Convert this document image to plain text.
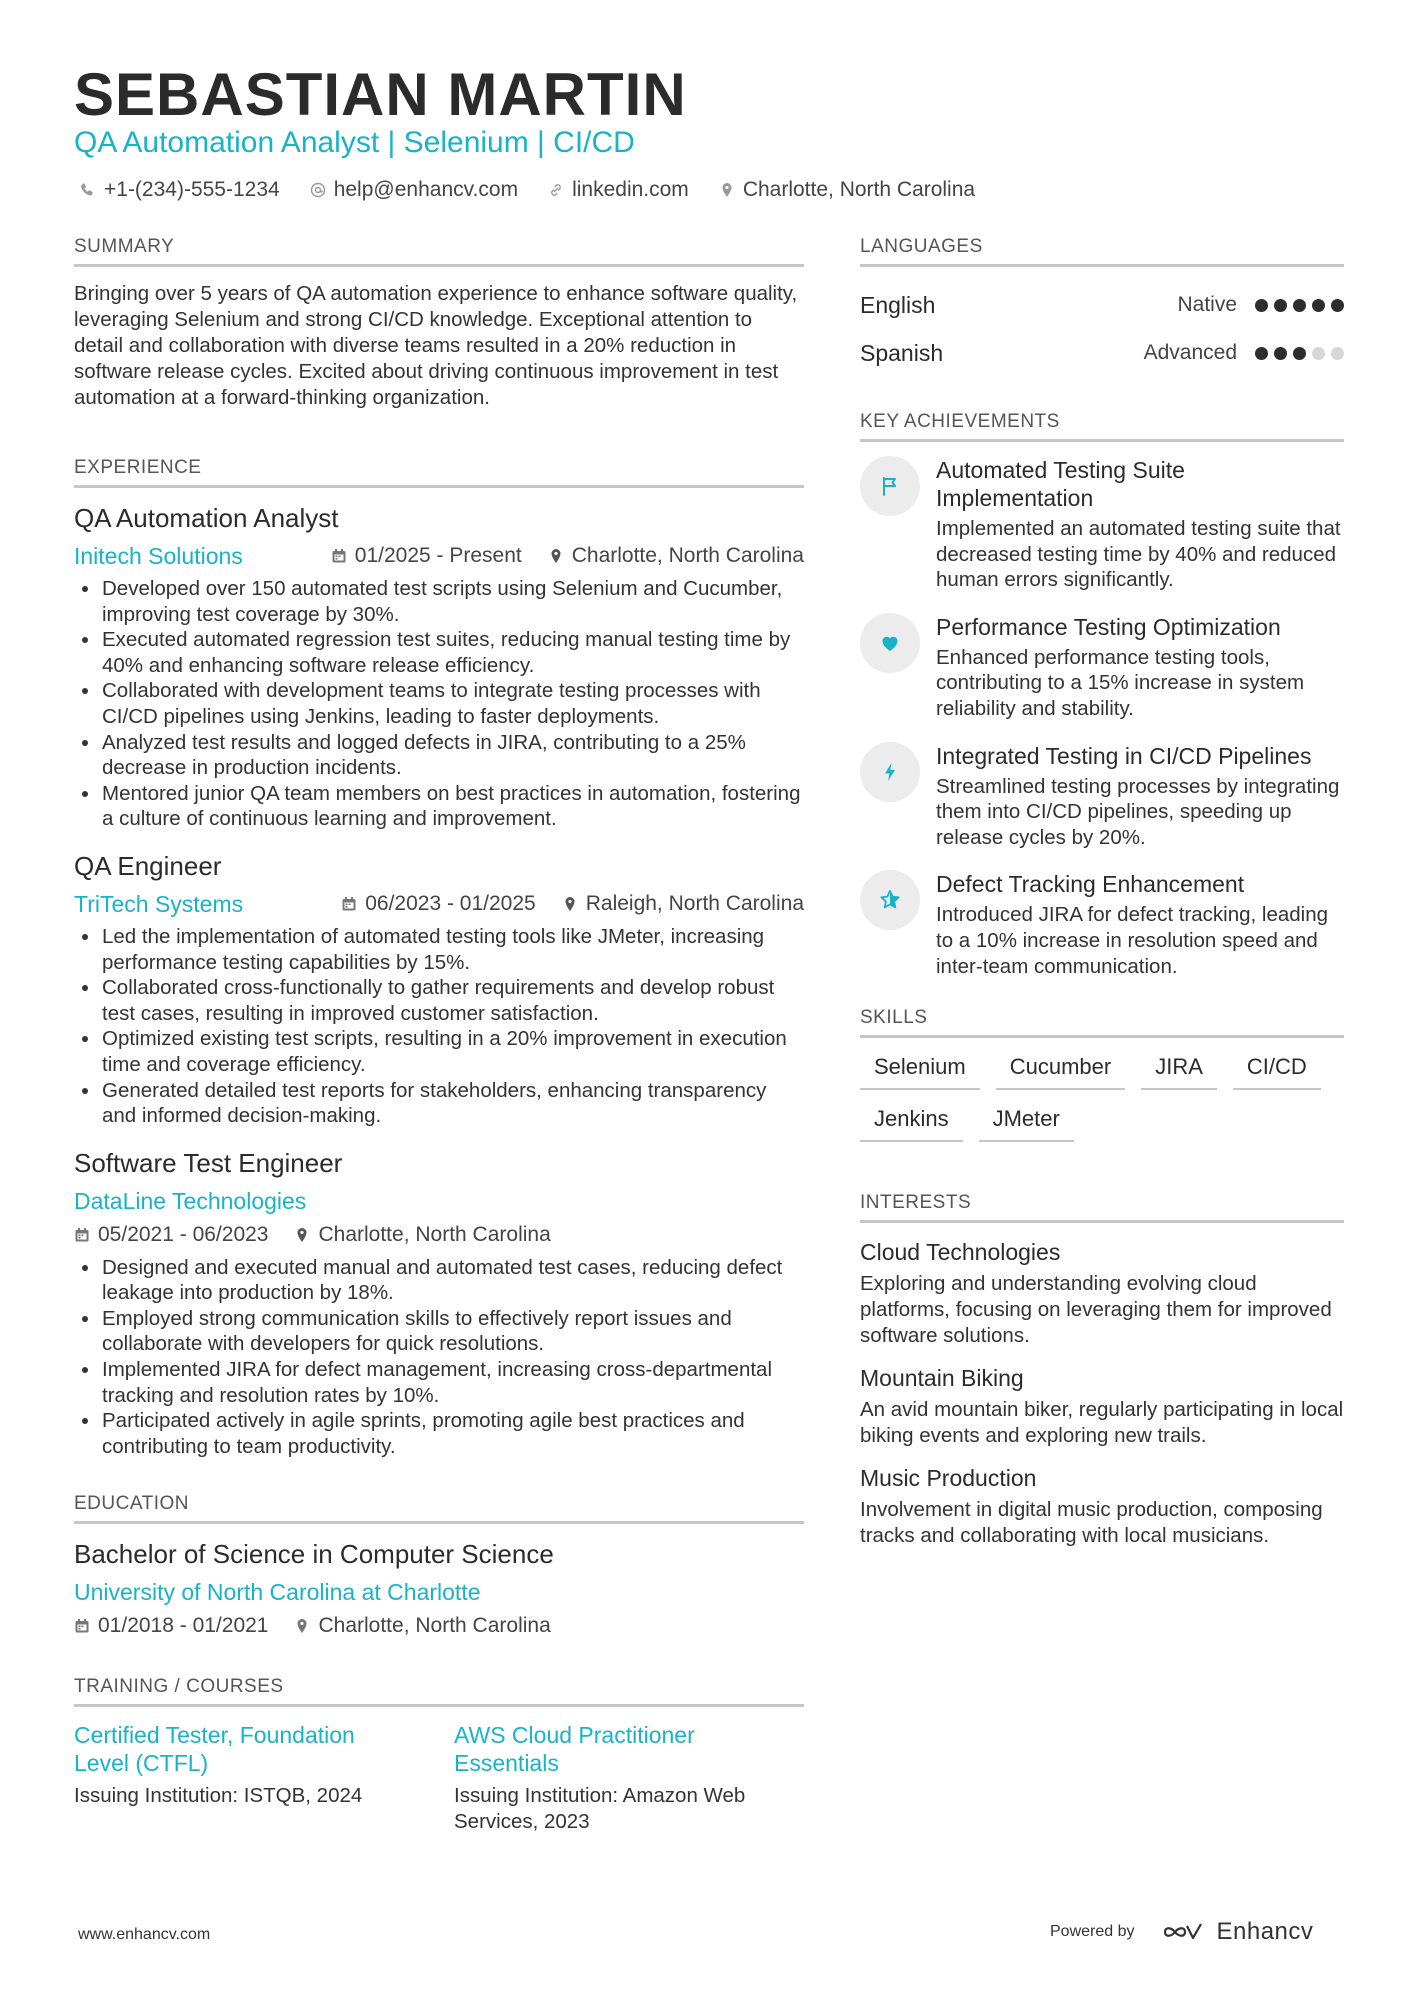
SEBASTIAN MARTIN
QA Automation Analyst | Selenium | CI/CD
+1-(234)-555-1234	help@enhancv.com	linkedin.com	Charlotte, North Carolina
SUMMARY

Bringing over 5 years of QA automation experience to enhance software quality, leveraging Selenium and strong CI/CD knowledge. Exceptional attention to detail and collaboration with diverse teams resulted in a 20% reduction in software release cycles. Excited about driving continuous improvement in test automation at a forward-thinking organization.

EXPERIENCE
QA Automation Analyst
Initech Solutions	01/2025 - Present Charlotte, North Carolina
Developed over 150 automated test scripts using Selenium and Cucumber, improving test coverage by 30%.
Executed automated regression test suites, reducing manual testing time by 40% and enhancing software release efficiency.
Collaborated with development teams to integrate testing processes with CI/CD pipelines using Jenkins, leading to faster deployments.
Analyzed test results and logged defects in JIRA, contributing to a 25% decrease in production incidents.
Mentored junior QA team members on best practices in automation, fostering a culture of continuous learning and improvement.
QA Engineer
TriTech Systems	06/2023 - 01/2025 Raleigh, North Carolina
Led the implementation of automated testing tools like JMeter, increasing performance testing capabilities by 15%.
Collaborated cross-functionally to gather requirements and develop robust test cases, resulting in improved customer satisfaction.
Optimized existing test scripts, resulting in a 20% improvement in execution time and coverage efficiency.
Generated detailed test reports for stakeholders, enhancing transparency and informed decision-making.
Software Test Engineer
DataLine Technologies
05/2021 - 06/2023 Charlotte, North Carolina
Designed and executed manual and automated test cases, reducing defect leakage into production by 18%.
Employed strong communication skills to effectively report issues and collaborate with developers for quick resolutions.
Implemented JIRA for defect management, increasing cross-departmental tracking and resolution rates by 10%.
Participated actively in agile sprints, promoting agile best practices and contributing to team productivity.
EDUCATION
Bachelor of Science in Computer Science
University of North Carolina at Charlotte
01/2018 - 01/2021 Charlotte, North Carolina
TRAINING / COURSES
Certified Tester, Foundation Level (CTFL)

Issuing Institution: ISTQB, 2024

AWS Cloud Practitioner Essentials

Issuing Institution: Amazon Web Services, 2023

LANGUAGES
English	Native
Spanish	Advanced
KEY ACHIEVEMENTS
Automated Testing Suite Implementation

Implemented an automated testing suite that decreased testing time by 40% and reduced human errors significantly.

Performance Testing Optimization

Enhanced performance testing tools, contributing to a 15% increase in system reliability and stability.

Integrated Testing in CI/CD Pipelines

Streamlined testing processes by integrating them into CI/CD pipelines, speeding up release cycles by 20%.

Defect Tracking Enhancement

Introduced JIRA for defect tracking, leading to a 10% increase in resolution speed and inter-team communication.

SKILLS
Selenium	Cucumber	JIRA	CI/CD
Jenkins	JMeter
INTERESTS
Cloud Technologies

Exploring and understanding evolving cloud platforms, focusing on leveraging them for improved software solutions.

Mountain Biking

An avid mountain biker, regularly participating in local biking events and exploring new trails.

Music Production

Involvement in digital music production, composing tracks and collaborating with local musicians.

www.enhancv.com	Powered by	Enhancv
